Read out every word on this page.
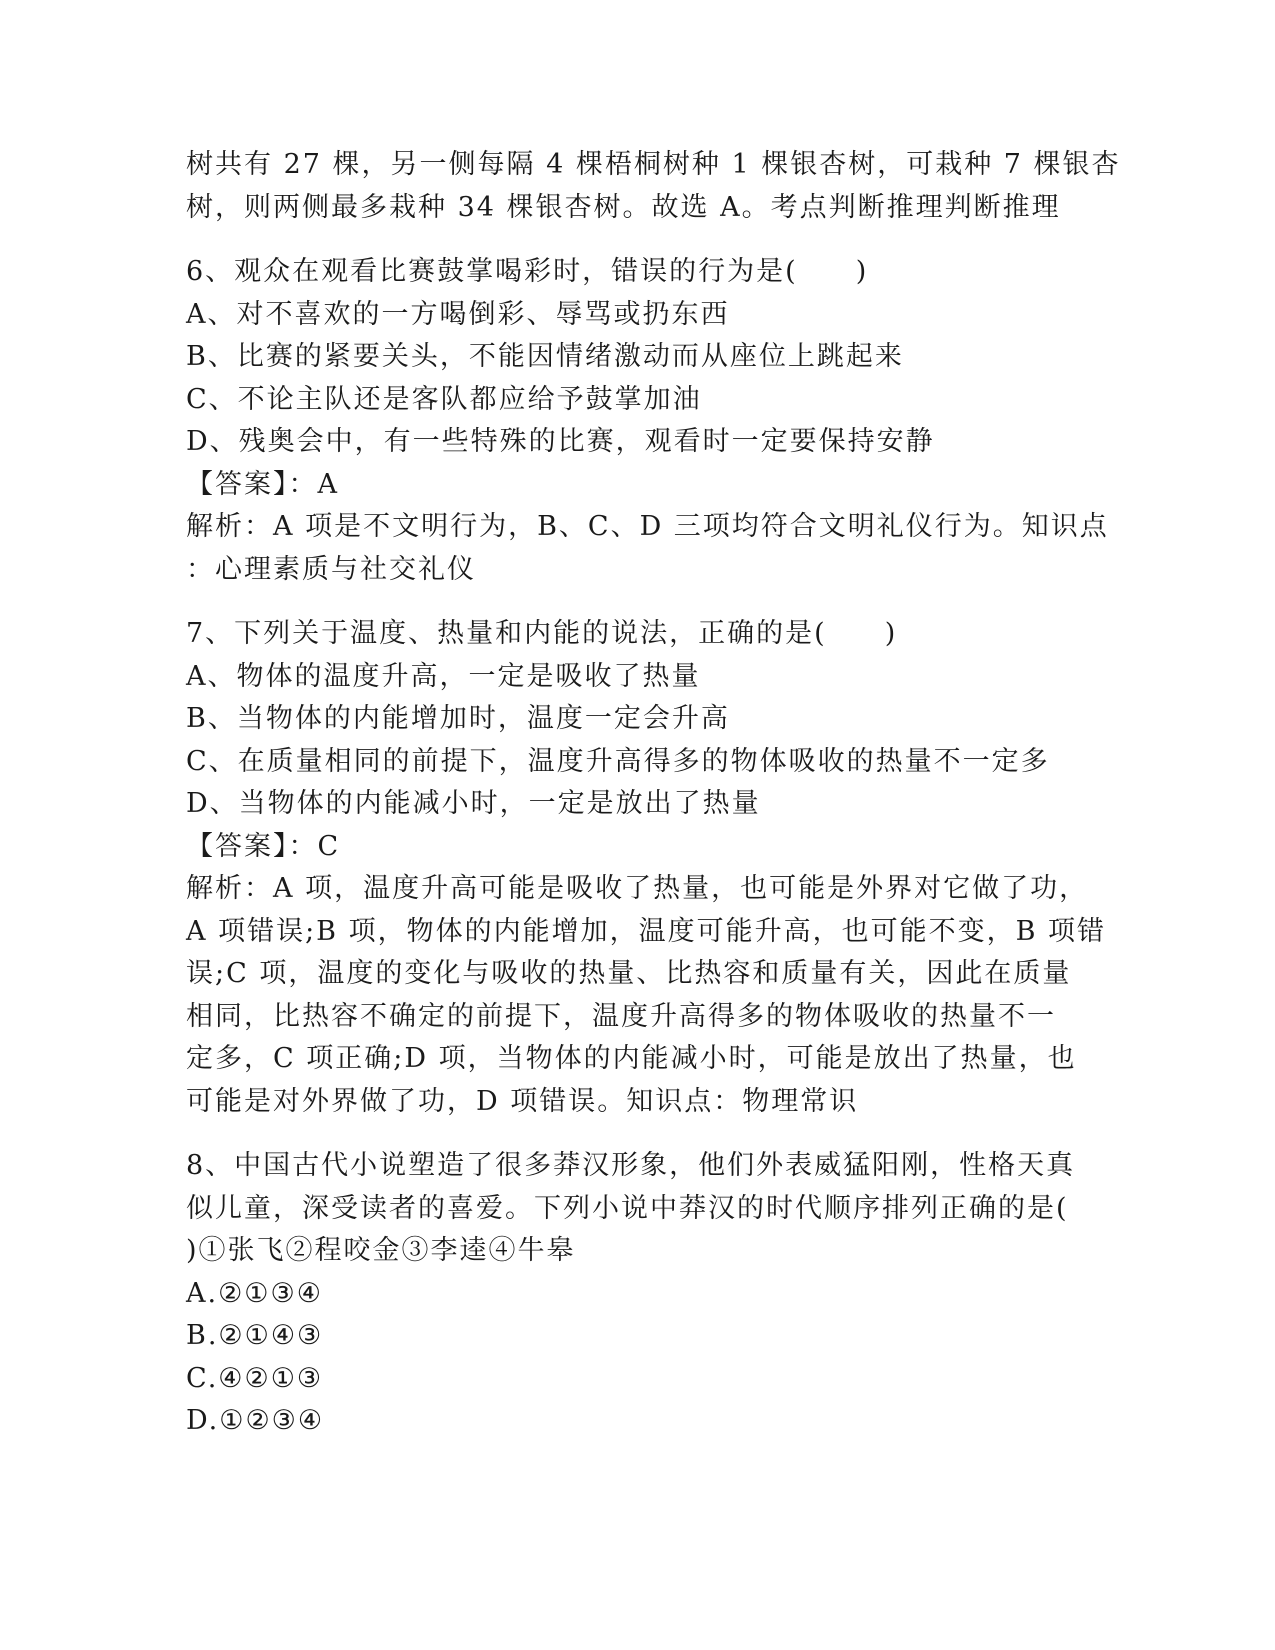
树共有 27 棵，另一侧每隔 4 棵梧桐树种 1 棵银杏树，可栽种 7 棵银杏
树，则两侧最多栽种 34 棵银杏树。故选 A。考点判断推理判断推理
6、观众在观看比赛鼓掌喝彩时，错误的行为是(　　)
A、对不喜欢的一方喝倒彩、辱骂或扔东西
B、比赛的紧要关头，不能因情绪激动而从座位上跳起来
C、不论主队还是客队都应给予鼓掌加油
D、残奥会中，有一些特殊的比赛，观看时一定要保持安静
【答案】：A
解析：A 项是不文明行为，B、C、D 三项均符合文明礼仪行为。知识点
：心理素质与社交礼仪
7、下列关于温度、热量和内能的说法，正确的是(　　)
A、物体的温度升高，一定是吸收了热量
B、当物体的内能增加时，温度一定会升高
C、在质量相同的前提下，温度升高得多的物体吸收的热量不一定多
D、当物体的内能减小时，一定是放出了热量
【答案】：C
解析：A 项，温度升高可能是吸收了热量，也可能是外界对它做了功，
A 项错误;B 项，物体的内能增加，温度可能升高，也可能不变，B 项错
误;C 项，温度的变化与吸收的热量、比热容和质量有关，因此在质量
相同，比热容不确定的前提下，温度升高得多的物体吸收的热量不一
定多，C 项正确;D 项，当物体的内能减小时，可能是放出了热量，也
可能是对外界做了功，D 项错误。知识点：物理常识
8、中国古代小说塑造了很多莽汉形象，他们外表威猛阳刚，性格天真
似儿童，深受读者的喜爱。下列小说中莽汉的时代顺序排列正确的是(
)①张飞②程咬金③李逵④牛皋
A.②①③④
B.②①④③
C.④②①③
D.①②③④
